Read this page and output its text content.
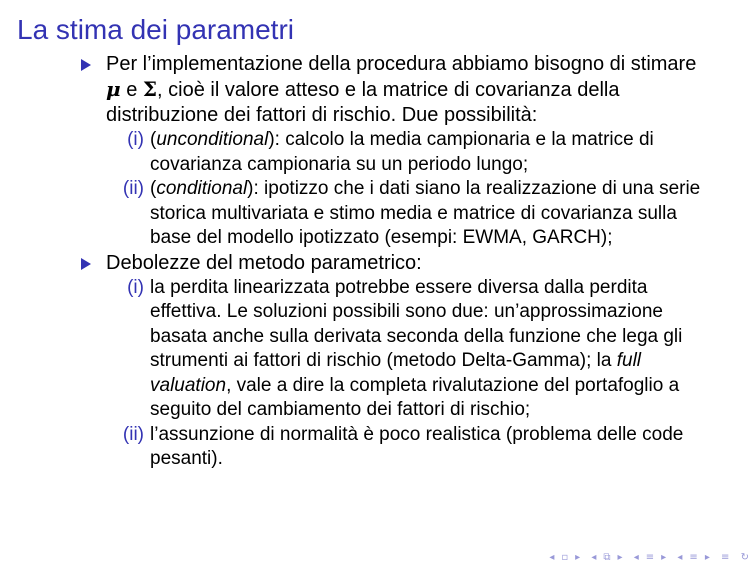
La stima dei parametri
Per l’implementazione della procedura abbiamo bisogno di stimare μ e Σ, cioè il valore atteso e la matrice di covarianza della distribuzione dei fattori di rischio. Due possibilità:
(i) (unconditional): calcolo la media campionaria e la matrice di covarianza campionaria su un periodo lungo;
(ii) (conditional): ipotizzo che i dati siano la realizzazione di una serie storica multivariata e stimo media e matrice di covarianza sulla base del modello ipotizzato (esempi: EWMA, GARCH);
Debolezze del metodo parametrico:
(i) la perdita linearizzata potrebbe essere diversa dalla perdita effettiva. Le soluzioni possibili sono due: un’approssimazione basata anche sulla derivata seconda della funzione che lega gli strumenti ai fattori di rischio (metodo Delta-Gamma); la full valuation, vale a dire la completa rivalutazione del portafoglio a seguito del cambiamento dei fattori di rischio;
(ii) l’assunzione di normalità è poco realistica (problema delle code pesanti).
◂ ▫ ▸ ◂ ⧉ ▸ ◂ ≡ ▸ ◂ ≡ ▸ ≡ ↻
